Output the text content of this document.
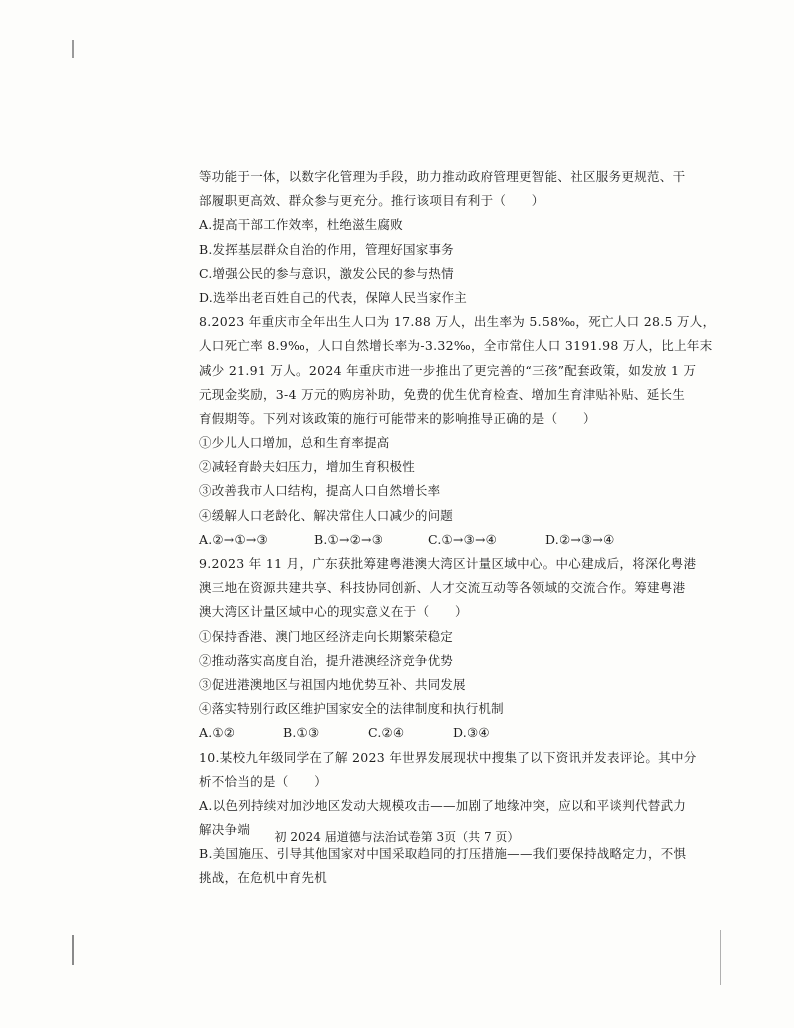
等功能于一体，以数字化管理为手段，助力推动政府管理更智能、社区服务更规范、干
部履职更高效、群众参与更充分。推行该项目有利于（　　）
A.提高干部工作效率，杜绝滋生腐败
B.发挥基层群众自治的作用，管理好国家事务
C.增强公民的参与意识，激发公民的参与热情
D.选举出老百姓自己的代表，保障人民当家作主
8.2023 年重庆市全年出生人口为 17.88 万人，出生率为 5.58‰，死亡人口 28.5 万人，
人口死亡率 8.9‰，人口自然增长率为-3.32‰，全市常住人口 3191.98 万人，比上年末
减少 21.91 万人。2024 年重庆市进一步推出了更完善的“三孩”配套政策，如发放 1 万
元现金奖励，3-4 万元的购房补助，免费的优生优育检查、增加生育津贴补贴、延长生
育假期等。下列对该政策的施行可能带来的影响推导正确的是（　　）
①少儿人口增加，总和生育率提高
②减轻育龄夫妇压力，增加生育积极性
③改善我市人口结构，提高人口自然增长率
④缓解人口老龄化、解决常住人口减少的问题
A.②→①→③	B.①→②→③	C.①→③→④	D.②→③→④
9.2023 年 11 月，广东获批筹建粤港澳大湾区计量区域中心。中心建成后，将深化粤港
澳三地在资源共建共享、科技协同创新、人才交流互动等各领域的交流合作。筹建粤港
澳大湾区计量区域中心的现实意义在于（　　）
①保持香港、澳门地区经济走向长期繁荣稳定
②推动落实高度自治，提升港澳经济竞争优势
③促进港澳地区与祖国内地优势互补、共同发展
④落实特别行政区维护国家安全的法律制度和执行机制
A.①②	B.①③	C.②④	D.③④
10.某校九年级同学在了解 2023 年世界发展现状中搜集了以下资讯并发表评论。其中分
析不恰当的是（　　）
A.以色列持续对加沙地区发动大规模攻击——加剧了地缘冲突，应以和平谈判代替武力
解决争端
B.美国施压、引导其他国家对中国采取趋同的打压措施——我们要保持战略定力，不惧
挑战，在危机中育先机
初 2024 届道德与法治试卷第 3页（共 7 页）
